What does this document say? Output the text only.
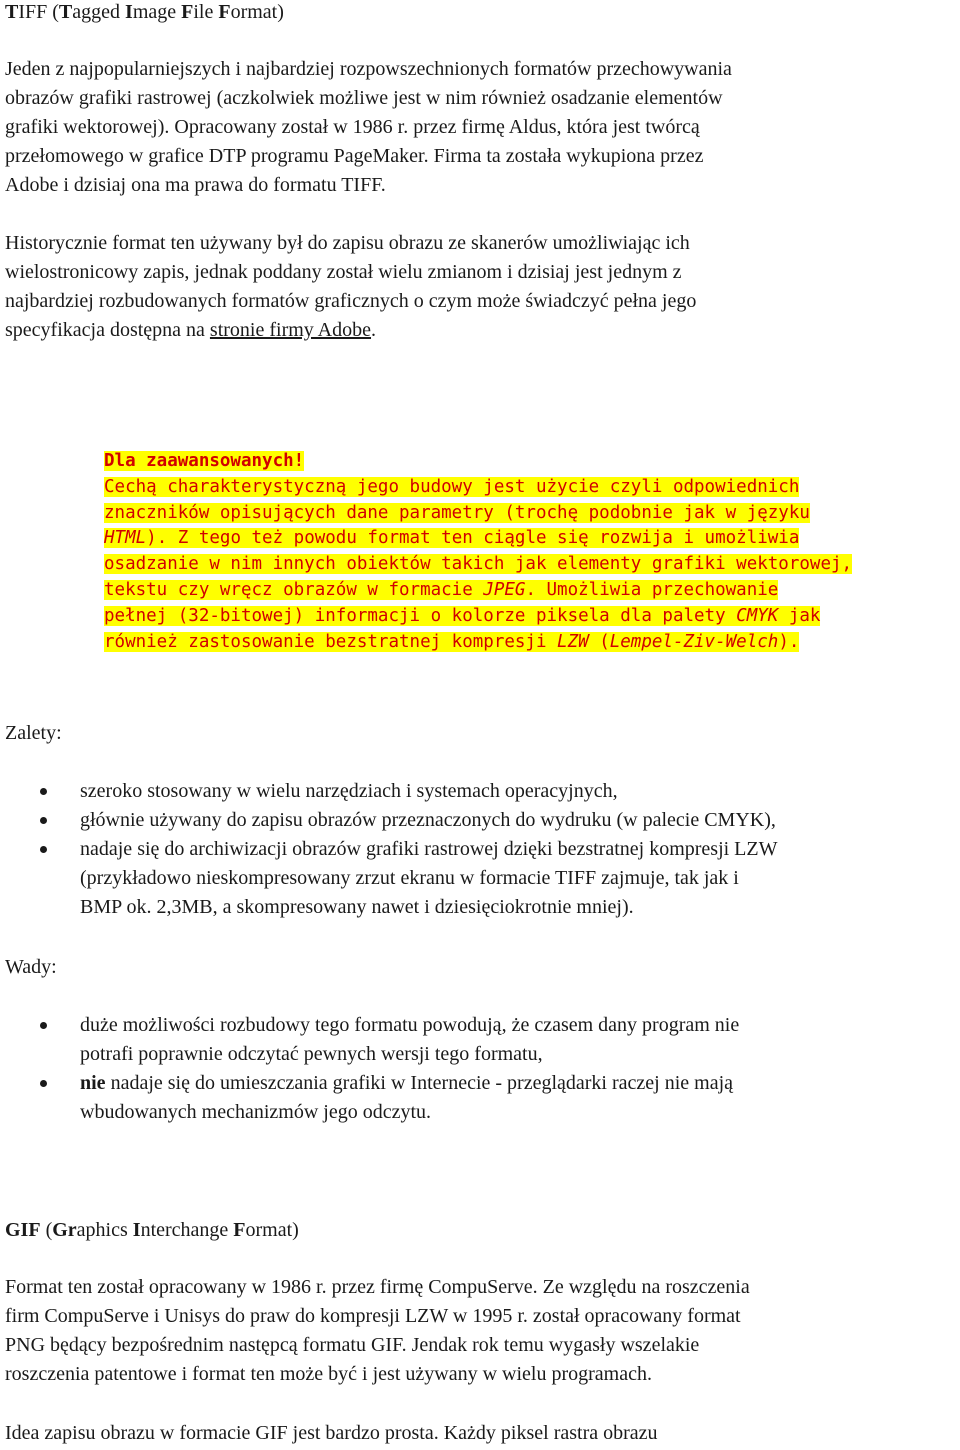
TIFF (Tagged Image File Format)
Jeden z najpopularniejszych i najbardziej rozpowszechnionych formatów przechowywania
obrazów grafiki rastrowej (aczkolwiek możliwe jest w nim również osadzanie elementów
grafiki wektorowej). Opracowany został w 1986 r. przez firmę Aldus, która jest twórcą
przełomowego w grafice DTP programu PageMaker. Firma ta została wykupiona przez
Adobe i dzisiaj ona ma prawa do formatu TIFF.
Historycznie format ten używany był do zapisu obrazu ze skanerów umożliwiając ich
wielostronicowy zapis, jednak poddany został wielu zmianom i dzisiaj jest jednym z
najbardziej rozbudowanych formatów graficznych o czym może świadczyć pełna jego
specyfikacja dostępna na stronie firmy Adobe.
Dla zaawansowanych!
Cechą charakterystyczną jego budowy jest użycie czyli odpowiednich
znaczników opisujących dane parametry (trochę podobnie jak w języku
HTML). Z tego też powodu format ten ciągle się rozwija i umożliwia
osadzanie w nim innych obiektów takich jak elementy grafiki wektorowej,
tekstu czy wręcz obrazów w formacie JPEG. Umożliwia przechowanie
pełnej (32-bitowej) informacji o kolorze piksela dla palety CMYK jak
również zastosowanie bezstratnej kompresji LZW (Lempel-Ziv-Welch).
Zalety:
szeroko stosowany w wielu narzędziach i systemach operacyjnych,
głównie używany do zapisu obrazów przeznaczonych do wydruku (w palecie CMYK),
nadaje się do archiwizacji obrazów grafiki rastrowej dzięki bezstratnej kompresji LZW
(przykładowo nieskompresowany zrzut ekranu w formacie TIFF zajmuje, tak jak i
BMP ok. 2,3MB, a skompresowany nawet i dziesięciokrotnie mniej).
Wady:
duże możliwości rozbudowy tego formatu powodują, że czasem dany program nie
potrafi poprawnie odczytać pewnych wersji tego formatu,
nie nadaje się do umieszczania grafiki w Internecie - przeglądarki raczej nie mają
wbudowanych mechanizmów jego odczytu.
GIF (Graphics Interchange Format)
Format ten został opracowany w 1986 r. przez firmę CompuServe. Ze względu na roszczenia
firm CompuServe i Unisys do praw do kompresji LZW w 1995 r. został opracowany format
PNG będący bezpośrednim następcą formatu GIF. Jendak rok temu wygasły wszelakie
roszczenia patentowe i format ten może być i jest używany w wielu programach.
Idea zapisu obrazu w formacie GIF jest bardzo prosta. Każdy piksel rastra obrazu
